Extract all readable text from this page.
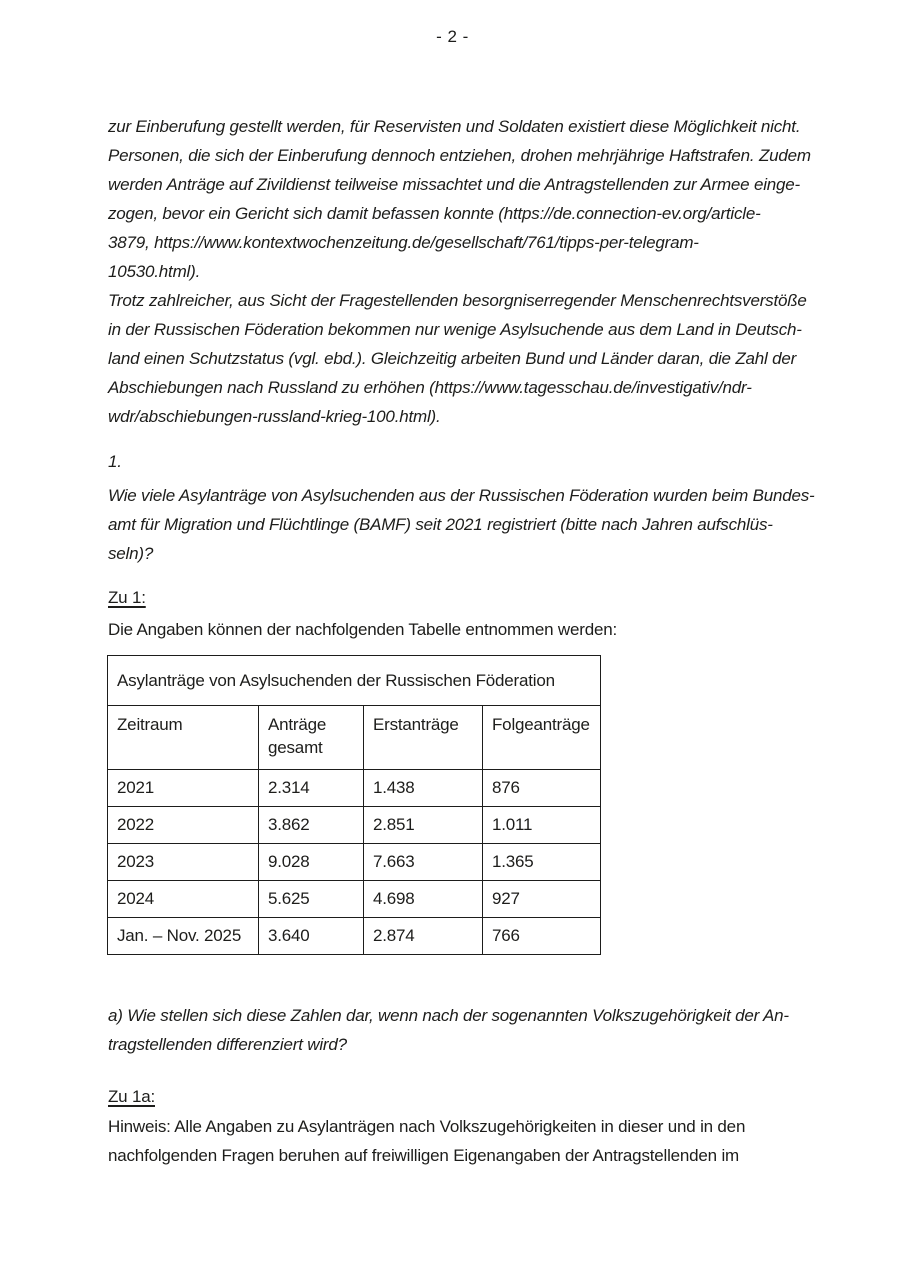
- 2 -
zur Einberufung gestellt werden, für Reservisten und Soldaten existiert diese Möglichkeit nicht.
Personen, die sich der Einberufung dennoch entziehen, drohen mehrjährige Haftstrafen. Zudem
werden Anträge auf Zivildienst teilweise missachtet und die Antragstellenden zur Armee einge-
zogen, bevor ein Gericht sich damit befassen konnte (https://de.connection-ev.org/article-
3879, https://www.kontextwochenzeitung.de/gesellschaft/761/tipps-per-telegram-
10530.html).
Trotz zahlreicher, aus Sicht der Fragestellenden besorgniserregender Menschenrechtsverstöße
in der Russischen Föderation bekommen nur wenige Asylsuchende aus dem Land in Deutsch-
land einen Schutzstatus (vgl. ebd.). Gleichzeitig arbeiten Bund und Länder daran, die Zahl der
Abschiebungen nach Russland zu erhöhen (https://www.tagesschau.de/investigativ/ndr-
wdr/abschiebungen-russland-krieg-100.html).
1.
Wie viele Asylanträge von Asylsuchenden aus der Russischen Föderation wurden beim Bundes-
amt für Migration und Flüchtlinge (BAMF) seit 2021 registriert (bitte nach Jahren aufschlüs-
seln)?
Zu 1:
Die Angaben können der nachfolgenden Tabelle entnommen werden:
Asylanträge von Asylsuchenden der Russischen Föderation			
Zeitraum	Anträge gesamt	Erstanträge	Folgeanträge
2021	2.314	1.438	876
2022	3.862	2.851	1.011
2023	9.028	7.663	1.365
2024	5.625	4.698	927
Jan. – Nov. 2025	3.640	2.874	766
a) Wie stellen sich diese Zahlen dar, wenn nach der sogenannten Volkszugehörigkeit der An-
tragstellenden differenziert wird?
Zu 1a:
Hinweis: Alle Angaben zu Asylanträgen nach Volkszugehörigkeiten in dieser und in den
nachfolgenden Fragen beruhen auf freiwilligen Eigenangaben der Antragstellenden im
